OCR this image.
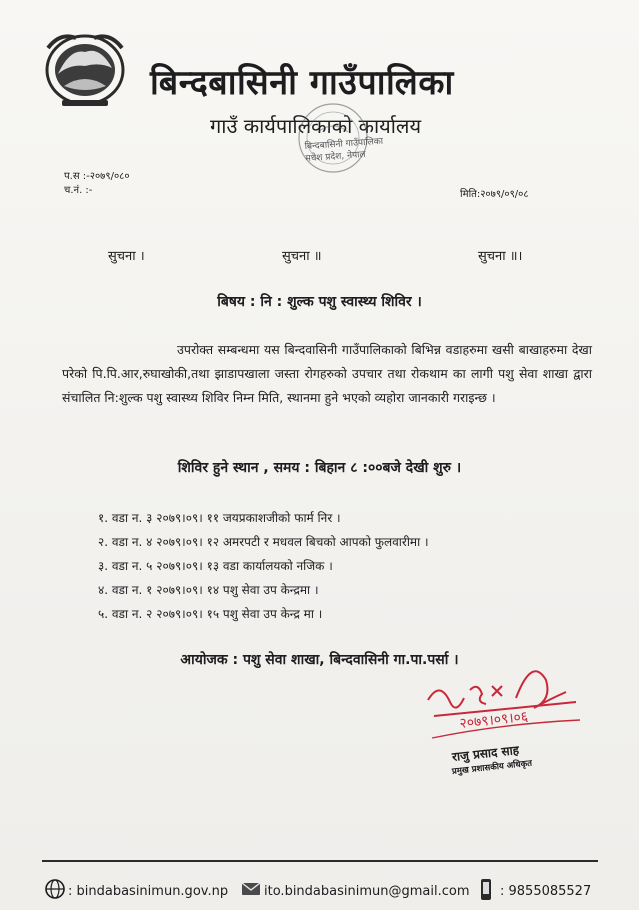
बिन्दबासिनी गाउँपालिका
गाउँ कार्यपालिकाको कार्यालय
बिन्दबासिनी गाउँपालिका
मधेश प्रदेश, नेपाल
प.स :-२०७९/०८०
च.नं. :-	मिति:२०७९/०९/०८
सुचना ।	सुचना ॥	सुचना ॥।
बिषय : नि : शुल्क पशु स्वास्थ्य शिविर ।
उपरोक्त सम्बन्धमा यस बिन्दवासिनी गाउँपालिकाको बिभिन्न वडाहरुमा खसी बाखाहरुमा देखा परेको पि.पि.आर,रुघाखोकी,तथा झाडापखाला जस्ता रोगहरुको उपचार तथा रोकथाम का लागी पशु सेवा शाखा द्वारा संचालित नि:शुल्क पशु स्वास्थ्य शिविर निम्न मिति, स्थानमा हुने भएको व्यहोरा जानकारी गराइन्छ ।
शिविर हुने स्थान , समय : बिहान ८ :००बजे देखी शुरु ।
१. वडा न. ३ २०७९।०९। ११ जयप्रकाशजीको फार्म निर ।
२. वडा न. ४ २०७९।०९। १२ अमरपटी र मधवल बिचको आपको फुलवारीमा ।
३. वडा न. ५ २०७९।०९। १३ वडा कार्यालयको नजिक ।
४. वडा न. १ २०७९।०९। १४ पशु सेवा उप केन्द्रमा ।
५. वडा न. २ २०७९।०९। १५ पशु सेवा उप केन्द्र मा ।
आयोजक : पशु सेवा शाखा, बिन्दवासिनी गा.पा.पर्सा ।
२०७९।०९।०६
राजु प्रसाद साह
प्रमुख प्रशासकीय अधिकृत
: bindabasinimun.gov.np	ito.bindabasinimun@gmail.com : 9855085527
